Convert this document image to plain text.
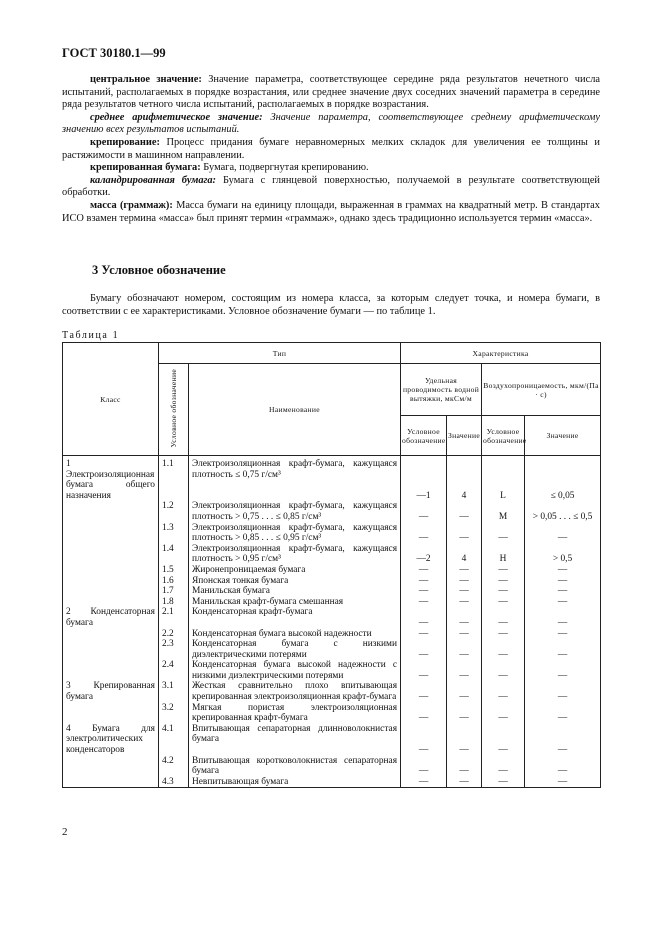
ГОСТ 30180.1—99

центральное значение: Значение параметра, соответствующее середине ряда результатов нечетного числа испытаний, располагаемых в порядке возрастания, или среднее значение двух соседних значений параметра в середине ряда результатов четного числа испытаний, располагаемых в порядке возрастания.

среднее арифметическое значение: Значение параметра, соответствующее среднему арифметическому значению всех результатов испытаний.

крепирование: Процесс придания бумаге неравномерных мелких складок для увеличения ее толщины и растяжимости в машинном направлении.

крепированная бумага: Бумага, подвергнутая крепированию.

каландрированная бумага: Бумага с глянцевой поверхностью, получаемой в результате соответствующей обработки.

масса (граммаж): Масса бумаги на единицу площади, выраженная в граммах на квадратный метр. В стандартах ИСО взамен термина «масса» был принят термин «граммаж», однако здесь традиционно используется термин «масса».

3 Условное обозначение
Бумагу обозначают номером, состоящим из номера класса, за которым следует точка, и номера бумаги, в соответствии с ее характеристиками. Условное обозначение бумаги — по таблице 1.
Таблица 1
Класс	Тип		Характеристика			
	Условное обозначение	Наименование	Удельная проводимость водной вытяжки, мкСм/м		Воздухопроницаемость, мкм/(Па · с)	
			Условное обозначение	Значение	Условное обозначение	Значение
1 Электроизоляционная бумага общего назначения	1.1	Электроизоляционная крафт-бумага, кажущаяся плотность ≤ 0,75 г/см³	—1	4	L	≤ 0,05
	1.2	Электроизоляционная крафт-бумага, кажущаяся плотность > 0,75 . . . ≤ 0,85 г/см³	—	—	M	> 0,05 . . . ≤ 0,5
	1.3	Электроизоляционная крафт-бумага, кажущаяся плотность > 0,85 . . . ≤ 0,95 г/см³	—	—	—	—
	1.4	Электроизоляционная крафт-бумага, кажущаяся плотность > 0,95 г/см³	—2	4	H	> 0,5
	1.5	Жиронепроницаемая бумага	—	—	—	—
	1.6	Японская тонкая бумага	—	—	—	—
	1.7	Манильская бумага	—	—	—	—
	1.8	Манильская крафт-бумага смешанная	—	—	—	—
2 Конденсаторная бумага	2.1	Конденсаторная крафт-бумага	—	—	—	—
	2.2	Конденсаторная бумага высокой надежности	—	—	—	—
	2.3	Конденсаторная бумага с низкими диэлектрическими потерями	—	—	—	—
	2.4	Конденсаторная бумага высокой надежности с низкими диэлектрическими потерями	—	—	—	—
3 Крепированная бумага	3.1	Жесткая сравнительно плохо впитывающая крепированная электроизоляционная крафт-бумага	—	—	—	—
	3.2	Мягкая пористая электроизоляционная крепированная крафт-бумага	—	—	—	—
4 Бумага для электролитических конденсаторов	4.1	Впитывающая сепараторная длинноволокнистая бумага	—	—	—	—
	4.2	Впитывающая коротковолокнистая сепараторная бумага	—	—	—	—
	4.3	Невпитывающая бумага	—	—	—	—
2
